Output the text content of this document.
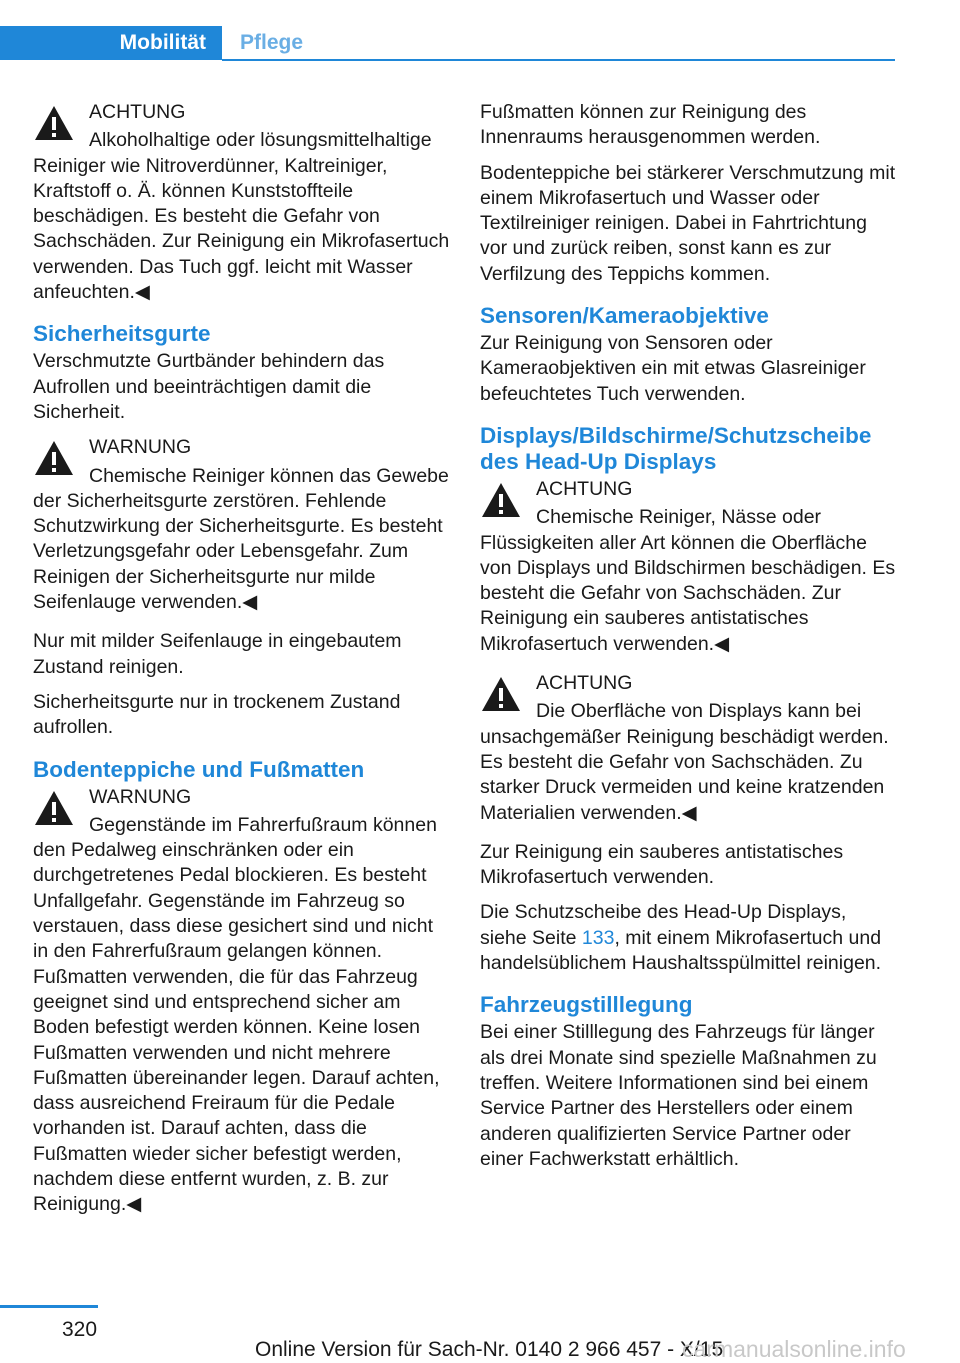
Mobilität	Pflege
ACHTUNG
Alkoholhaltige oder lösungsmittelhaltige Reiniger wie Nitroverdünner, Kaltreiniger, Kraftstoff o. Ä. können Kunststoffteile beschädigen. Es besteht die Gefahr von Sachschäden. Zur Reinigung ein Mikrofasertuch verwenden. Das Tuch ggf. leicht mit Wasser anfeuchten.◀
Sicherheitsgurte

Verschmutzte Gurtbänder behindern das Aufrollen und beeinträchtigen damit die Sicherheit.

WARNUNG
Chemische Reiniger können das Gewebe der Sicherheitsgurte zerstören. Fehlende Schutzwirkung der Sicherheitsgurte. Es besteht Verletzungsgefahr oder Lebensgefahr. Zum Reinigen der Sicherheitsgurte nur milde Seifenlauge verwenden.◀

Nur mit milder Seifenlauge in eingebautem Zustand reinigen.

Sicherheitsgurte nur in trockenem Zustand aufrollen.

Bodenteppiche und Fußmatten
WARNUNG
Gegenstände im Fahrerfußraum können den Pedalweg einschränken oder ein durchgetretenes Pedal blockieren. Es besteht Unfallgefahr. Gegenstände im Fahrzeug so verstauen, dass diese gesichert sind und nicht in den Fahrerfußraum gelangen können. Fußmatten verwenden, die für das Fahrzeug geeignet sind und entsprechend sicher am Boden befestigt werden können. Keine losen Fußmatten verwenden und nicht mehrere Fußmatten übereinander legen. Darauf achten, dass ausreichend Freiraum für die Pedale vorhanden ist. Darauf achten, dass die Fußmatten wieder sicher befestigt werden, nachdem diese entfernt wurden, z. B. zur Reinigung.◀

Fußmatten können zur Reinigung des Innenraums herausgenommen werden.

Bodenteppiche bei stärkerer Verschmutzung mit einem Mikrofasertuch und Wasser oder Textilreiniger reinigen. Dabei in Fahrtrichtung vor und zurück reiben, sonst kann es zur Verfilzung des Teppichs kommen.

Sensoren/Kameraobjektive

Zur Reinigung von Sensoren oder Kameraobjektiven ein mit etwas Glasreiniger befeuchtetes Tuch verwenden.

Displays/Bildschirme/Schutzscheibe des Head-Up Displays
ACHTUNG
Chemische Reiniger, Nässe oder Flüssigkeiten aller Art können die Oberfläche von Displays und Bildschirmen beschädigen. Es besteht die Gefahr von Sachschäden. Zur Reinigung ein sauberes antistatisches Mikrofasertuch verwenden.◀
ACHTUNG
Die Oberfläche von Displays kann bei unsachgemäßer Reinigung beschädigt werden. Es besteht die Gefahr von Sachschäden. Zu starker Druck vermeiden und keine kratzenden Materialien verwenden.◀

Zur Reinigung ein sauberes antistatisches Mikrofasertuch verwenden.

Die Schutzscheibe des Head-Up Displays, siehe Seite 133, mit einem Mikrofasertuch und handelsüblichem Haushaltsspülmittel reinigen.

Fahrzeugstilllegung

Bei einer Stilllegung des Fahrzeugs für länger als drei Monate sind spezielle Maßnahmen zu treffen. Weitere Informationen sind bei einem Service Partner des Herstellers oder einem anderen qualifizierten Service Partner oder einer Fachwerkstatt erhältlich.

320
Online Version für Sach-Nr. 0140 2 966 457 - X/15
carmanualsonline.info
